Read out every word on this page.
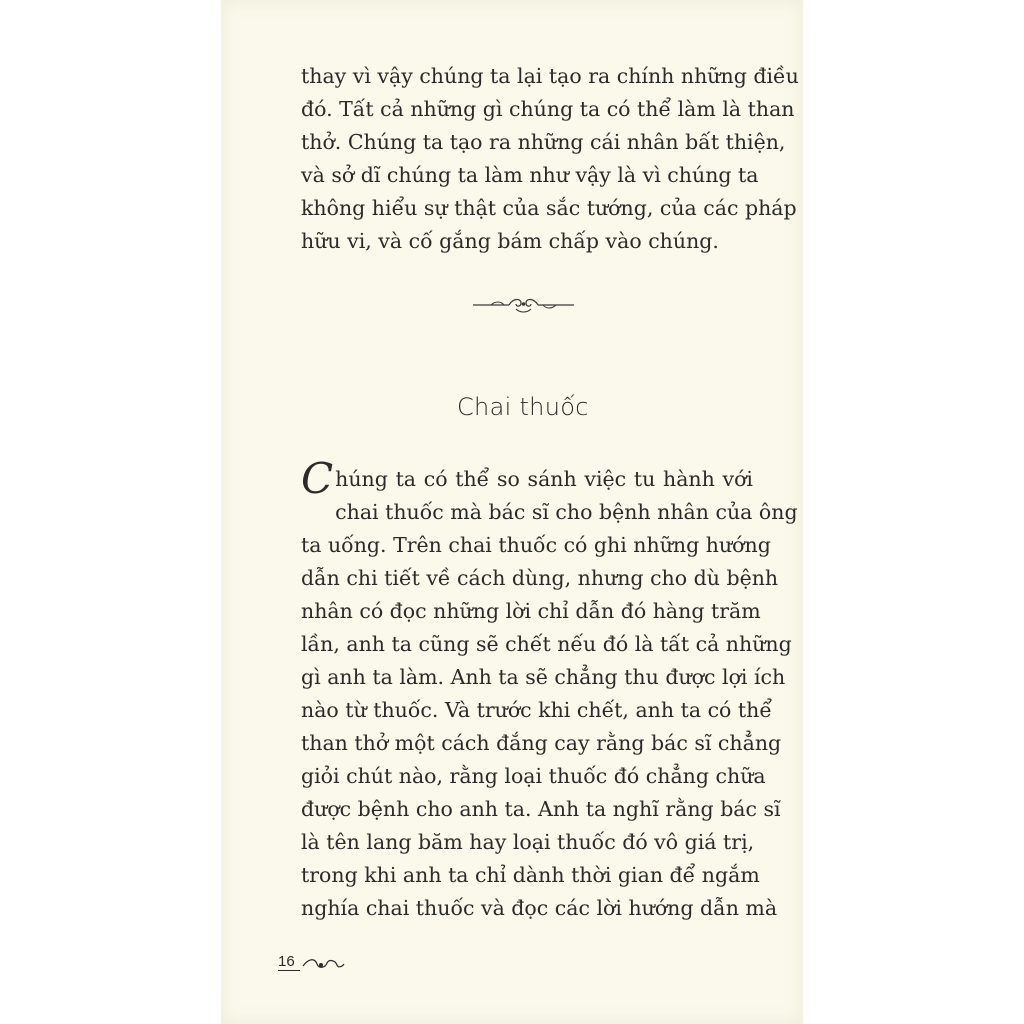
thay vì vậy chúng ta lại tạo ra chính những điều
đó. Tất cả những gì chúng ta có thể làm là than
thở. Chúng ta tạo ra những cái nhân bất thiện,
và sở dĩ chúng ta làm như vậy là vì chúng ta
không hiểu sự thật của sắc tướng, của các pháp
hữu vi, và cố gắng bám chấp vào chúng.
Chai thuốc
C húng ta có thể so sánh việc tu hành với
chai thuốc mà bác sĩ cho bệnh nhân của ông
ta uống. Trên chai thuốc có ghi những hướng
dẫn chi tiết về cách dùng, nhưng cho dù bệnh
nhân có đọc những lời chỉ dẫn đó hàng trăm
lần, anh ta cũng sẽ chết nếu đó là tất cả những
gì anh ta làm. Anh ta sẽ chẳng thu được lợi ích
nào từ thuốc. Và trước khi chết, anh ta có thể
than thở một cách đắng cay rằng bác sĩ chẳng
giỏi chút nào, rằng loại thuốc đó chẳng chữa
được bệnh cho anh ta. Anh ta nghĩ rằng bác sĩ
là tên lang băm hay loại thuốc đó vô giá trị,
trong khi anh ta chỉ dành thời gian để ngắm
nghía chai thuốc và đọc các lời hướng dẫn mà
16
